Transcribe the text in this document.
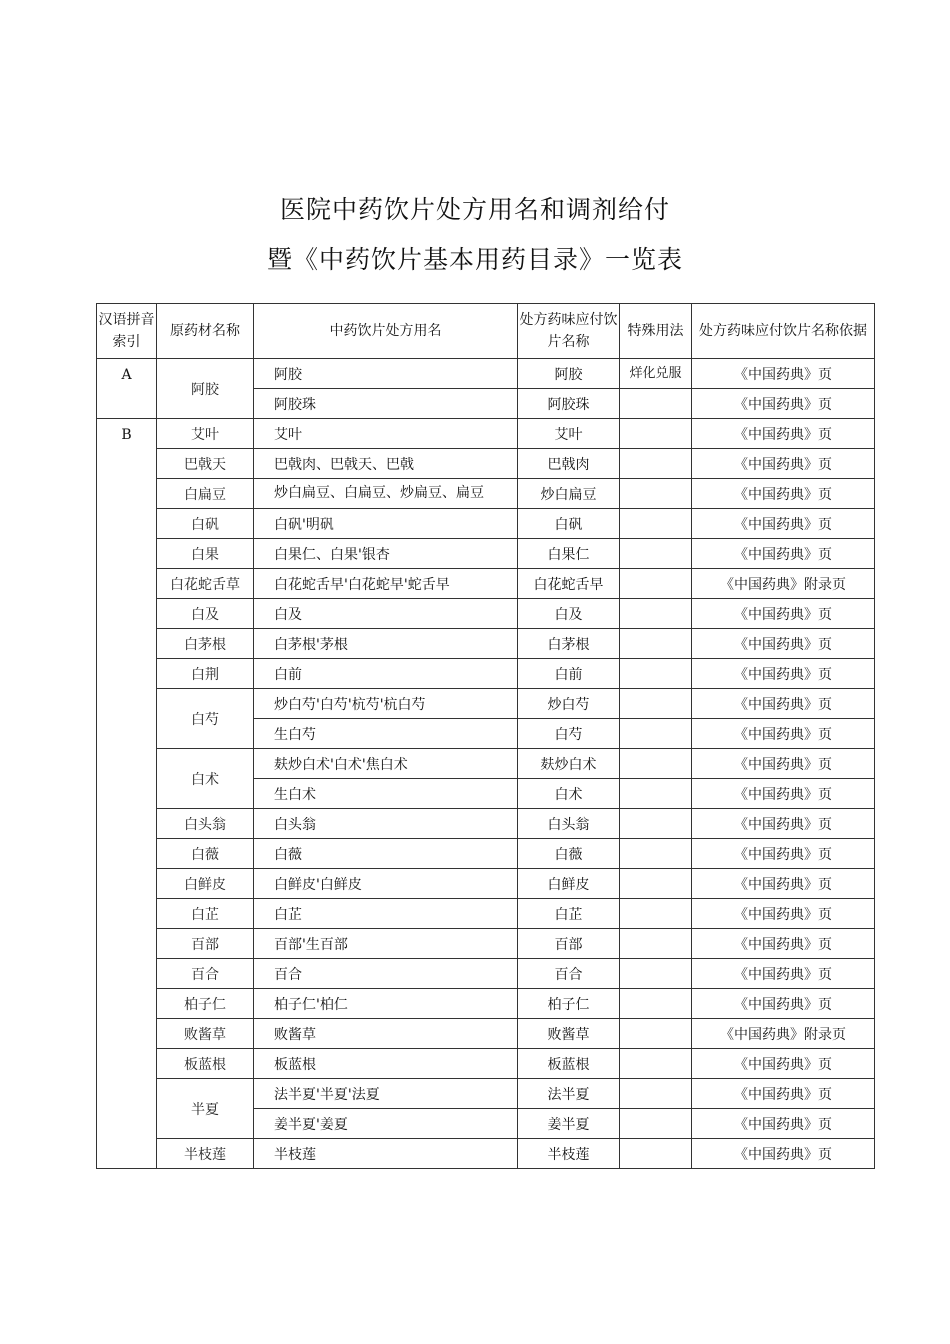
医院中药饮片处方用名和调剂给付
暨《中药饮片基本用药目录》一览表
汉语拼音索引	原药材名称	中药饮片处方用名	处方药味应付饮片名称	特殊用法	处方药味应付饮片名称依据
A	阿胶	阿胶	阿胶	烊化兑服	《中国药典》页
		阿胶珠	阿胶珠		《中国药典》页
B	艾叶	艾叶	艾叶		《中国药典》页
	巴戟天	巴戟肉、巴戟天、巴戟	巴戟肉		《中国药典》页
	白扁豆	炒白扁豆、白扁豆、炒扁豆、扁豆	炒白扁豆		《中国药典》页
	白矾	白矾'明矾	白矾		《中国药典》页
	白果	白果仁、白果'银杏	白果仁		《中国药典》页
	白花蛇舌草	白花蛇舌早'白花蛇早'蛇舌早	白花蛇舌早		《中国药典》附录页
	白及	白及	白及		《中国药典》页
	白茅根	白茅根'茅根	白茅根		《中国药典》页
	白荆	白前	白前		《中国药典》页
	白芍	炒白芍'白芍'杭芍'杭白芍	炒白芍		《中国药典》页
		生白芍	白芍		《中国药典》页
	白术	麸炒白术'白术'焦白术	麸炒白术		《中国药典》页
		生白术	白术		《中国药典》页
	白头翁	白头翁	白头翁		《中国药典》页
	白薇	白薇	白薇		《中国药典》页
	白鲜皮	白鲜皮'白鲜皮	白鲜皮		《中国药典》页
	白芷	白芷	白芷		《中国药典》页
	百部	百部'生百部	百部		《中国药典》页
	百合	百合	百合		《中国药典》页
	柏子仁	柏子仁'柏仁	柏子仁		《中国药典》页
	败酱草	败酱草	败酱草		《中国药典》附录页
	板蓝根	板蓝根	板蓝根		《中国药典》页
	半夏	法半夏'半夏'法夏	法半夏		《中国药典》页
		姜半夏'姜夏	姜半夏		《中国药典》页
	半枝莲	半枝莲	半枝莲		《中国药典》页
